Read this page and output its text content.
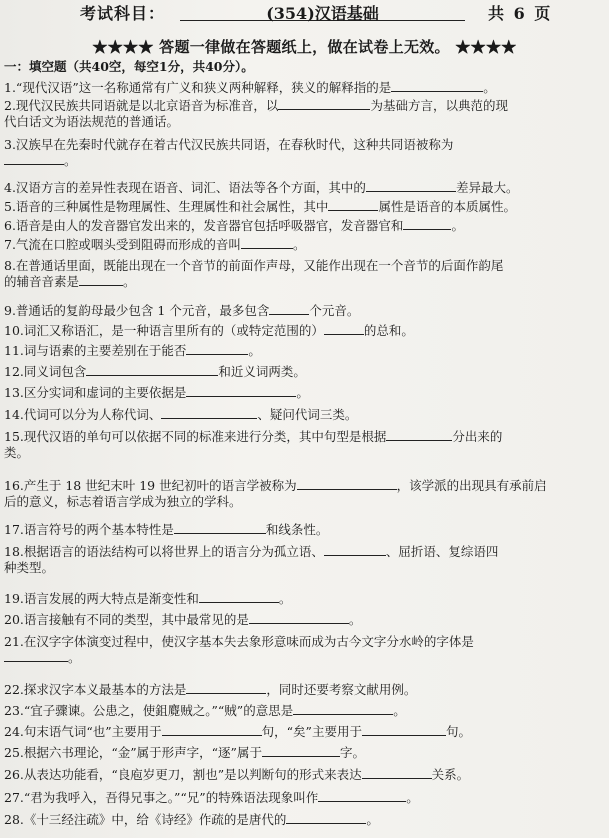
考试科目：	(354)汉语基础	共 6 页
★★★★ 答题一律做在答题纸上，做在试卷上无效。 ★★★★
一：填空题（共40空，每空1分，共40分）。
1.“现代汉语”这一名称通常有广义和狭义两种解释，狭义的解释指的是	。
2.现代汉民族共同语就是以北京语音为标准音，以	为基础方言，以典范的现
代白话文为语法规范的普通话。
3.汉族早在先秦时代就存在着古代汉民族共同语，在春秋时代，这种共同语被称为
。
4.汉语方言的差异性表现在语音、词汇、语法等各个方面，其中的	差异最大。
5.语音的三种属性是物理属性、生理属性和社会属性，其中	属性是语音的本质属性。
6.语音是由人的发音器官发出来的，发音器官包括呼吸器官，发音器官和	。
7.气流在口腔或咽头受到阻碍而形成的音叫	。
8.在普通话里面，既能出现在一个音节的前面作声母，又能作出现在一个音节的后面作韵尾
的辅音音素是	。
9.普通话的复韵母最少包含 1 个元音，最多包含	个元音。
10.词汇又称语汇，是一种语言里所有的（或特定范围的）	的总和。
11.词与语素的主要差别在于能否	。
12.同义词包含	和近义词两类。
13.区分实词和虚词的主要依据是	。
14.代词可以分为人称代词、	、疑问代词三类。
15.现代汉语的单句可以依据不同的标准来进行分类，其中句型是根据	分出来的
类。
16.产生于 18 世纪末叶 19 世纪初叶的语言学被称为	，该学派的出现具有承前启
后的意义，标志着语言学成为独立的学科。
17.语言符号的两个基本特性是	和线条性。
18.根据语言的语法结构可以将世界上的语言分为孤立语、	、屈折语、复综语四
种类型。
19.语言发展的两大特点是渐变性和	。
20.语言接触有不同的类型，其中最常见的是	。
21.在汉字字体演变过程中，使汉字基本失去象形意味而成为古今文字分水岭的字体是
。
22.探求汉字本义最基本的方法是	，同时还要考察文献用例。
23.“宜子骤谏。公患之，使鉏麑贼之。”“贼”的意思是	。
24.句末语气词“也”主要用于	句，“矣”主要用于	句。
25.根据六书理论，“金”属于形声字，“逐”属于	字。
26.从表达功能看，“良庖岁更刀，割也”是以判断句的形式来表达	关系。
27.“君为我呼入，吾得兄事之。”“兄”的特殊语法现象叫作	。
28.《十三经注疏》中，给《诗经》作疏的是唐代的	。
